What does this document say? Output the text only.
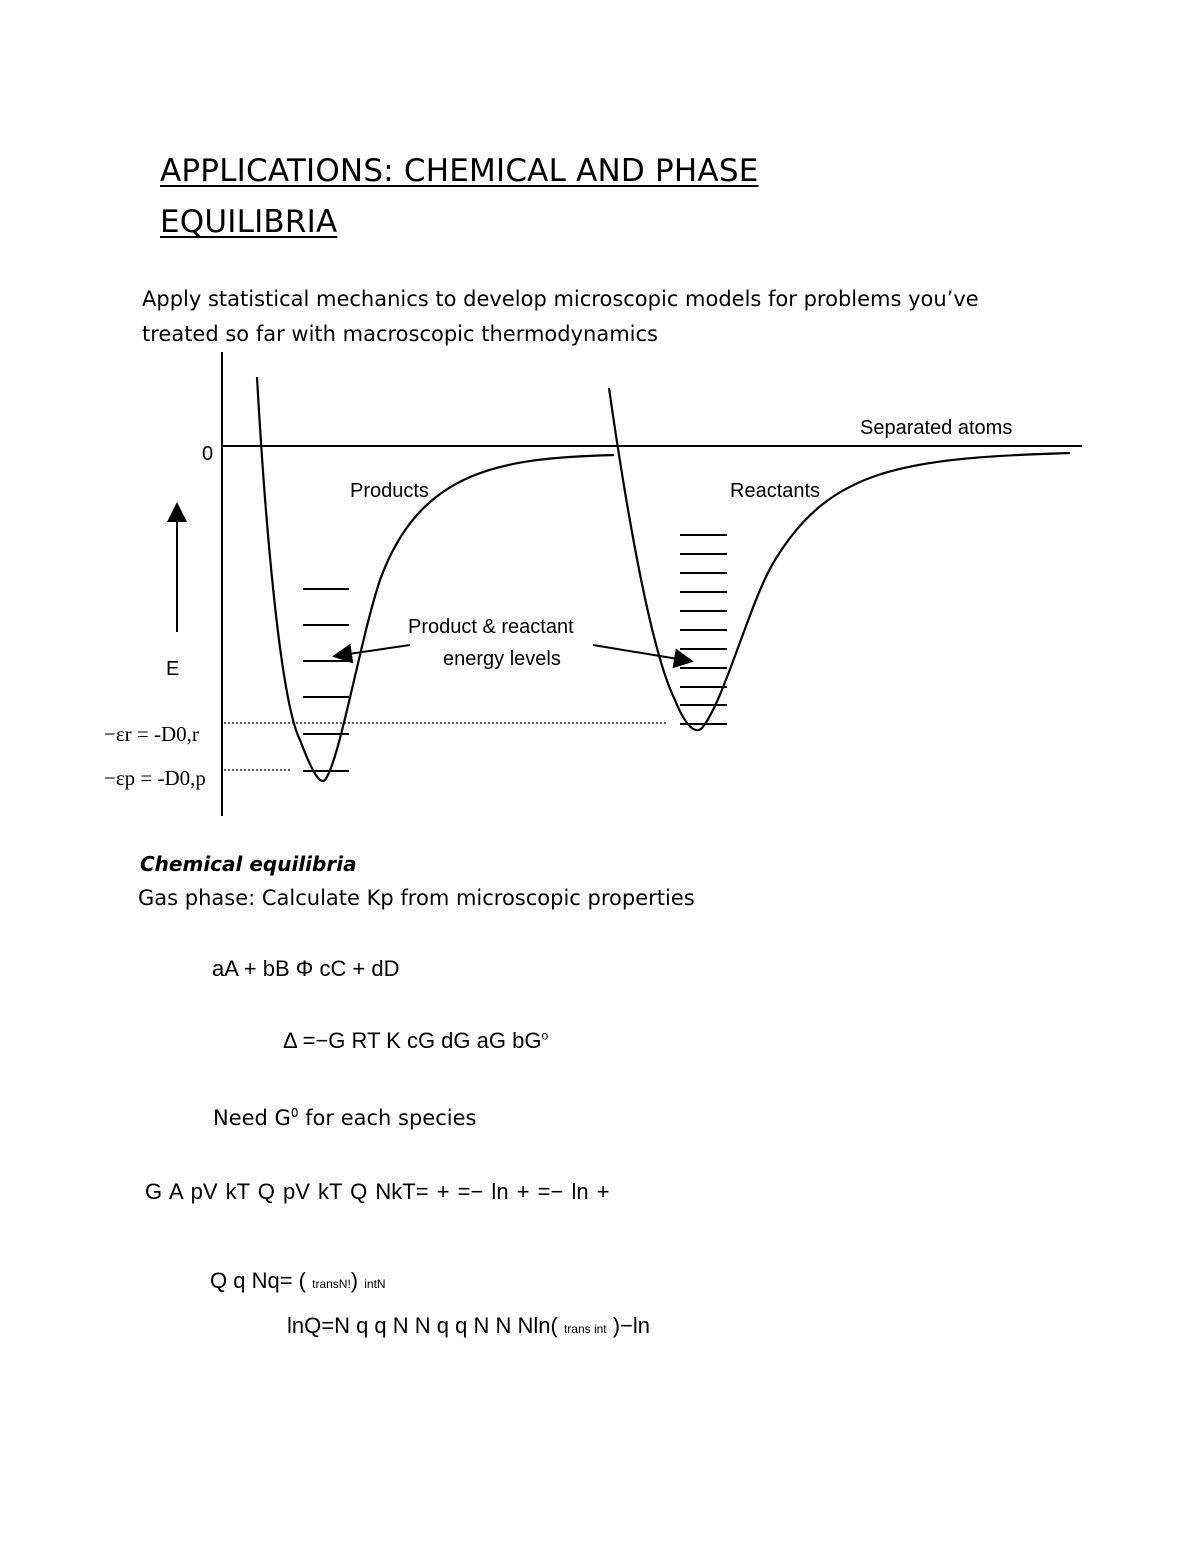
APPLICATIONS: CHEMICAL AND PHASE
EQUILIBRIA
Apply statistical mechanics to develop microscopic models for problems you’ve
treated so far with macroscopic thermodynamics
0
E
Separated atoms
Products	Reactants
Product & reactant
energy levels
−εr = -D0,r
−εp = -D0,p
Chemical equilibria
Gas phase: Calculate Kp from microscopic properties
aA + bB Φ cC + dD
Δ =−G RT K cG dG aG $bG^o$
Need $G^0$ for each species
G A pV kT Q pV kT Q NkT= + =− ln + =− ln +
Q q Nq= ( transN!) intN
lnQ=N q q N N q q N N Nln( trans int )−ln
